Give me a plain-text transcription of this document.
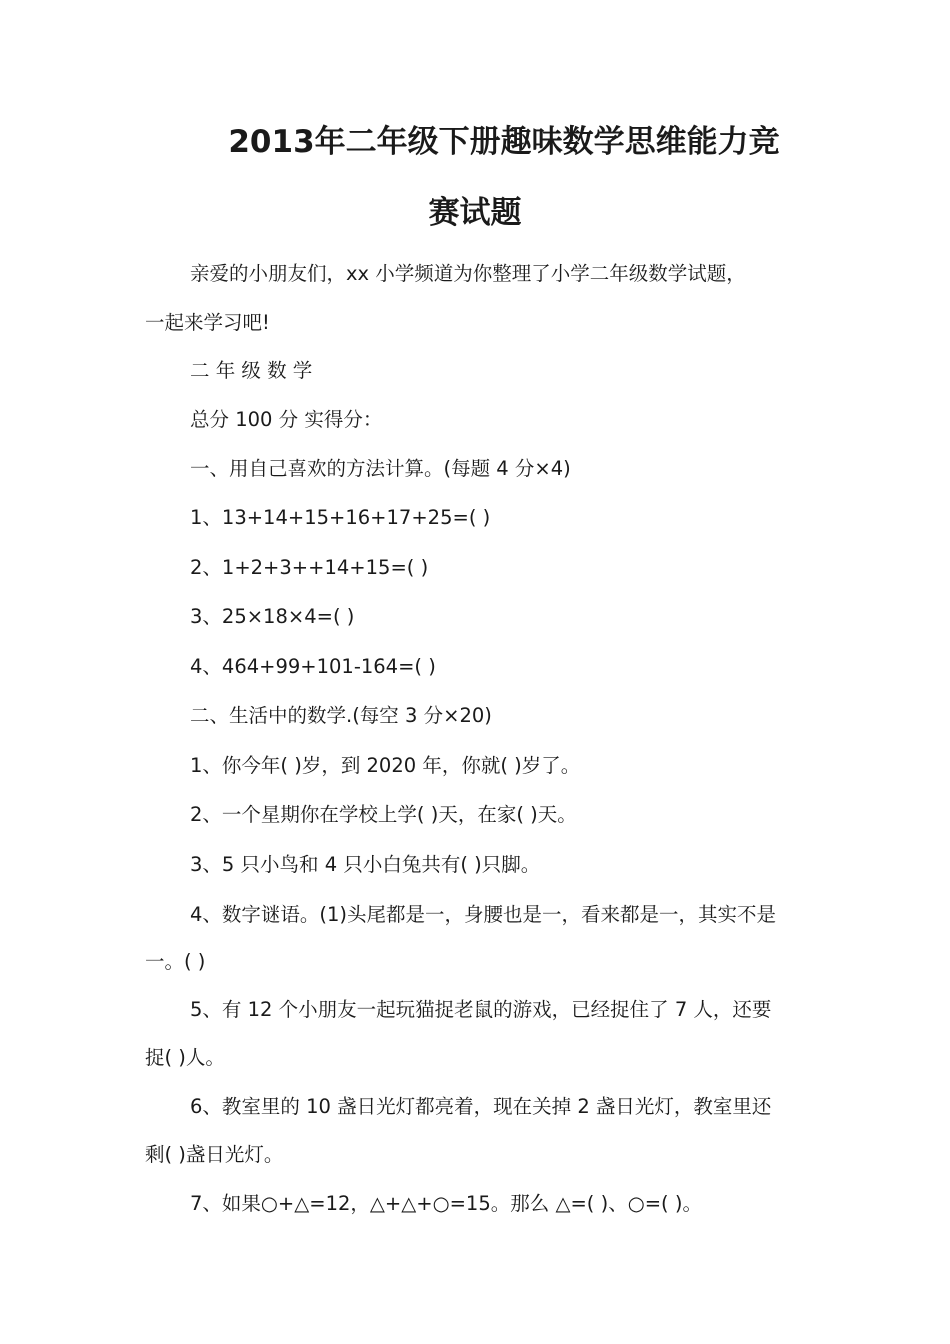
2013年二年级下册趣味数学思维能力竞
赛试题
亲爱的小朋友们，xx 小学频道为你整理了小学二年级数学试题，
一起来学习吧!
二 年 级 数 学
总分 100 分 实得分：
一、用自己喜欢的方法计算。(每题 4 分×4)
1、13+14+15+16+17+25=( )
2、1+2+3++14+15=( )
3、25×18×4=( )
4、464+99+101-164=( )
二、生活中的数学.(每空 3 分×20)
1、你今年( )岁，到 2020 年，你就( )岁了。
2、一个星期你在学校上学( )天，在家( )天。
3、5 只小鸟和 4 只小白兔共有( )只脚。
4、数字谜语。(1)头尾都是一，身腰也是一，看来都是一，其实不是
一。( )
5、有 12 个小朋友一起玩猫捉老鼠的游戏，已经捉住了 7 人，还要
捉( )人。
6、教室里的 10 盏日光灯都亮着，现在关掉 2 盏日光灯，教室里还
剩( )盏日光灯。
7、如果○+△=12，△+△+○=15。那么 △=( )、○=( )。
